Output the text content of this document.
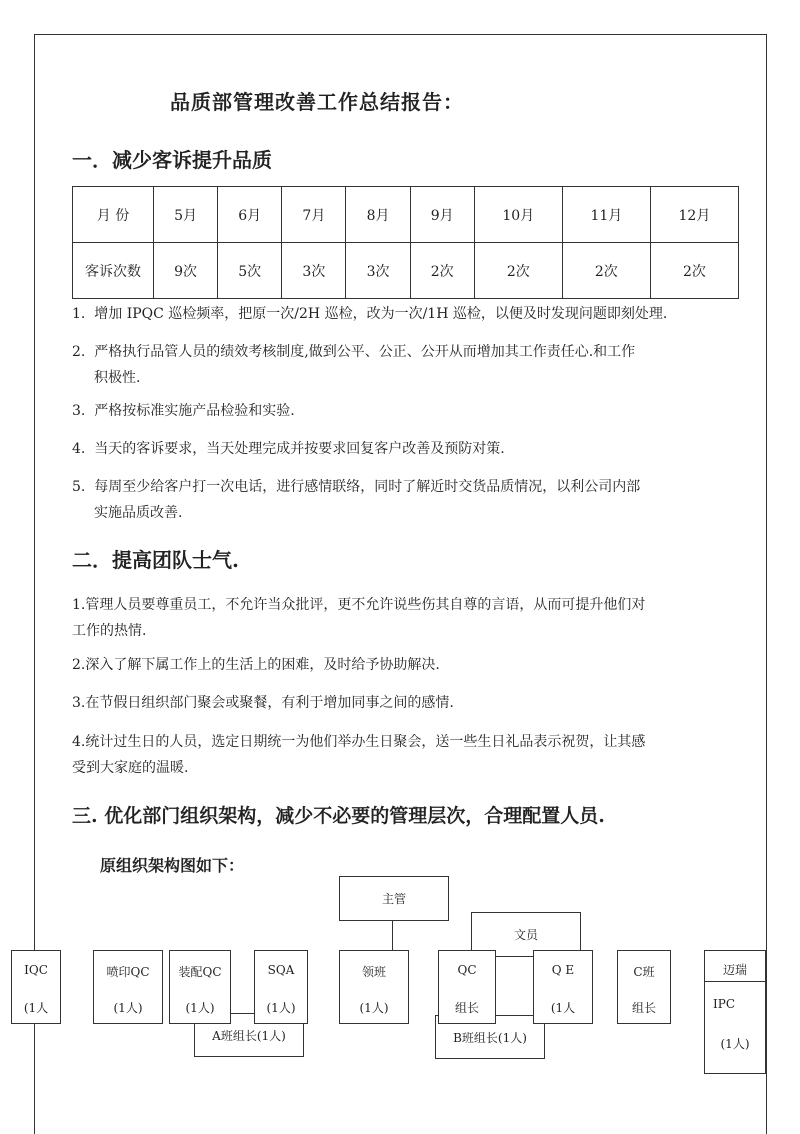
品质部管理改善工作总结报告：
一．减少客诉提升品质
月 份	5月	6月	7月	8月	9月	10月	11月	12月
客诉次数	9次	5次	3次	3次	2次	2次	2次	2次
1. 增加 IPQC 巡检频率，把原一次/2H 巡检，改为一次/1H 巡检，以便及时发现问题即刻处理.
2. 严格执行品管人员的绩效考核制度,做到公平、公正、公开从而增加其工作责任心.和工作
积极性.
3. 严格按标准实施产品检验和实验.
4. 当天的客诉要求，当天处理完成并按要求回复客户改善及预防对策.
5. 每周至少给客户打一次电话，进行感情联络，同时了解近时交货品质情况，以利公司内部
实施品质改善.
二．提高团队士气.
1.管理人员要尊重员工，不允许当众批评，更不允许说些伤其自尊的言语，从而可提升他们对
工作的热情.
2.深入了解下属工作上的生活上的困难，及时给予协助解决.
3.在节假日组织部门聚会或聚餐，有利于增加同事之间的感情.
4.统计过生日的人员，选定日期统一为他们举办生日聚会，送一些生日礼品表示祝贺，让其感
受到大家庭的温暖.
三. 优化部门组织架构，减少不必要的管理层次，合理配置人员.
原组织架构图如下：
主管
文员
IQC
(1人
喷印QC
(1人)
A班组长(1人)
装配QC
(1人)
SQA
(1人)
领班
(1人)
B班组长(1人)
QC
组长
Q E
(1人
C班
组长
迈瑞
IPC
(1人)
